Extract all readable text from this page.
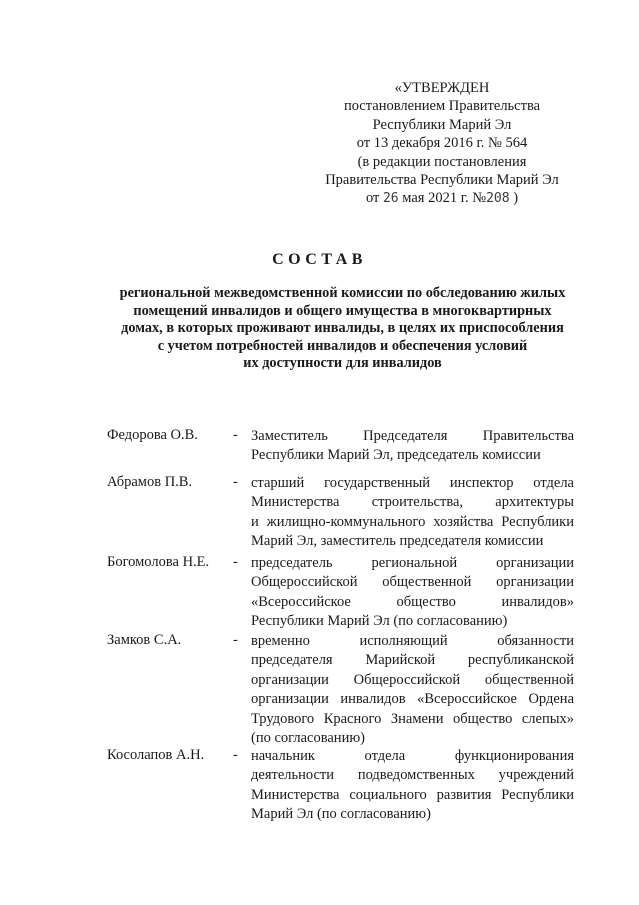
«УТВЕРЖДЕН
постановлением Правительства
Республики Марий Эл
от 13 декабря 2016 г. № 564
(в редакции постановления
Правительства Республики Марий Эл
от 26 мая 2021 г. №208 )
СОСТАВ
региональной межведомственной комиссии по обследованию жилых
помещений инвалидов и общего имущества в многоквартирных
домах, в которых проживают инвалиды, в целях их приспособления
с учетом потребностей инвалидов и обеспечения условий
их доступности для инвалидов
Федорова О.В. - Заместитель Председателя Правительства
Республики Марий Эл, председатель комиссии
Абрамов П.В.	- старший государственный инспектор отдела
Министерства строительства, архитектуры
и жилищно-коммунального хозяйства Республики
Марий Эл, заместитель председателя комиссии
Богомолова Н.Е. - председатель региональной организации
Общероссийской общественной организации
«Всероссийское общество инвалидов»
Республики Марий Эл (по согласованию)
Замков С.А.	- временно исполняющий обязанности
председателя Марийской республиканской
организации Общероссийской общественной
организации инвалидов «Всероссийское Ордена
Трудового Красного Знамени общество слепых»
(по согласованию)
Косолапов А.Н. - начальник отдела функционирования
деятельности подведомственных учреждений
Министерства социального развития Республики
Марий Эл (по согласованию)
